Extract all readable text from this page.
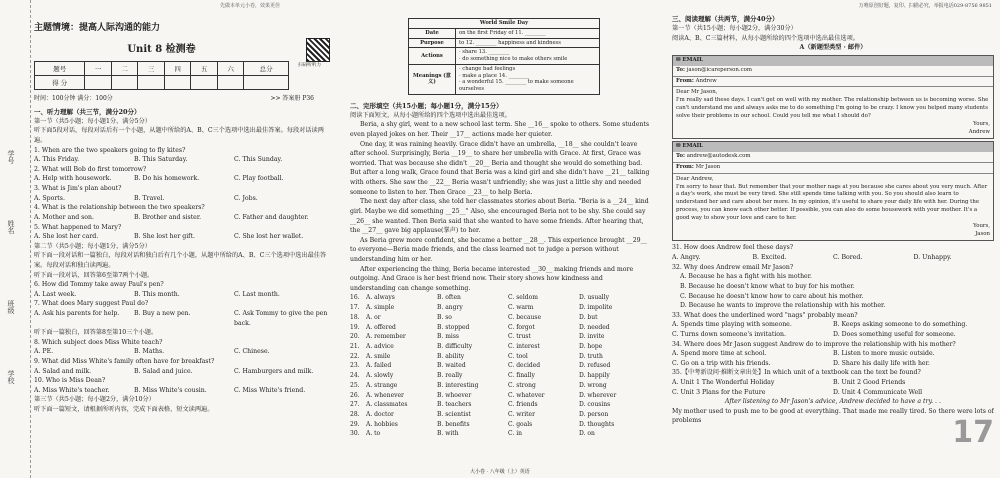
学号
姓名
班级
学校
先做本单元小卷，效果更佳	万唯原创好题，复印、扫描必究，举报电话029-8756 9851
主题情境：提高人际沟通的能力
Unit 8 检测卷
扫码听听力
题号	一	二	三	四	五	六	总分
得 分							
时间：100分钟 满分：100分	>> 答案册 P36
一、听力理解（共三节，满分20分）
第一节（共5小题；每小题1分，满分5分）
听下面5段对话，每段对话后有一个小题，从题中所给的A、B、C三个选项中选出最佳答案。每段对话读两遍。
1. When are the two speakers going to fly kites?
A. This Friday.	B. This Saturday.	C. This Sunday.
2. What will Bob do first tomorrow?
A. Help with housework.	B. Do his homework.	C. Play football.
3. What is Jim's plan about?
A. Sports.	B. Travel.	C. Jobs.
4. What is the relationship between the two speakers?
A. Mother and son.	B. Brother and sister.	C. Father and daughter.
5. What happened to Mary?
A. She lost her card.	B. She lost her gift.	C. She lost her wallet.
第二节（共5小题；每小题1分，满分5分）
听下面一段对话和一篇独白，每段对话和独白后有几个小题，从题中所给的A、B、C三个选项中选出最佳答案。每段对话和独白读两遍。
听下面一段对话，回答第6至第7两个小题。
6. How did Tommy take away Paul's pen?
A. Last week.	B. This month.	C. Last month.
7. What does Mary suggest Paul do?
A. Ask his parents for help.	B. Buy a new pen.	C. Ask Tommy to give the pen back.
听下面一篇独白，回答第8至第10三个小题。
8. Which subject does Miss White teach?
A. PE.	B. Maths.	C. Chinese.
9. What did Miss White's family often have for breakfast?
A. Salad and milk.	B. Salad and juice.	C. Hamburgers and milk.
10. Who is Miss Dean?
A. Miss White's teacher.	B. Miss White's cousin.	C. Miss White's friend.
第三节（共5小题；每小题2分，满分10分）
听下面一篇短文，请根据所听内容，完成下面表格，短文读两遍。
World Smile Day	
Date	on the first Friday of 11. ________

Purpose	to 12. ________ happiness and kindness

Actions	· share 13. ________
· do something nice to make others smile

Meanings (意义)	· change bad feelings
· make a place 14. ________
· a wonderful 15. ________ to make someone ourselves
二、完形填空（共15小题；每小题1分，满分15分）
阅读下面短文，从每小题所给的四个选项中选出最佳选项。
Beria, a shy girl, went to a new school last term. She __16__ spoke to others. Some students even played jokes on her. Their __17__ actions made her quieter.
One day, it was raining heavily. Grace didn't have an umbrella, __18__ she couldn't leave after school. Surprisingly, Beria __19__ to share her umbrella with Grace. At first, Grace was worried. That was because she didn't __20__ Beria and thought she would do something bad. But after a long walk, Grace found that Beria was a kind girl and she didn't have __21__ talking with others. She saw the __22__ Beria wasn't unfriendly; she was just a little shy and needed someone to listen to her. Then Grace __23__ to help Beria.
The next day after class, she told her classmates stories about Beria. "Beria is a __24__ kind girl. Maybe we did something __25__" Also, she encouraged Beria not to be shy. She could say __26__ she wanted. Then Beria said that she wanted to have some friends. After hearing that, the __27__ gave big applause(掌声) to her.
As Beria grew more confident, she became a better __28__. This experience brought __29__ to everyone—Beria made friends, and the class learned not to judge a person without understanding him or her.
After experiencing the thing, Beria became interested __30__ making friends and more outgoing. And Grace is her best friend now. Their story shows how kindness and understanding can change something.
16.	A. always	B. often	C. seldom	D. usually
17.	A. simple	B. angry	C. warm	D. impolite
18.	A. or	B. so	C. because	D. but
19.	A. offered	B. stopped	C. forgot	D. needed
20.	A. remember	B. miss	C. trust	D. invite
21.	A. advice	B. difficulty	C. interest	D. hope
22.	A. smile	B. ability	C. tool	D. truth
23.	A. failed	B. waited	C. decided	D. refused
24.	A. slowly	B. really	C. finally	D. happily
25.	A. strange	B. interesting	C. strong	D. wrong
26.	A. whenever	B. whoever	C. whatever	D. wherever
27.	A. classmates	B. teachers	C. friends	D. cousins
28.	A. doctor	B. scientist	C. writer	D. person
29.	A. hobbies	B. benefits	C. goals	D. thoughts
30.	A. to	B. with	C. in	D. on
大小卷 · 八年级（上）英语
三、阅读理解（共两节，满分40分）
第一节（共15小题；每小题2分，满分30分）
阅读A、B、C三篇材料，从每小题所给的四个选项中选出最佳选项。
A（新题型类型 · 邮件）
✉ EMAIL
To: jason@icareperson.com
From: Andrew
Dear Mr Jason,
I'm really sad these days. I can't get on well with my mother. The relationship between us is becoming worse. She can't understand me and always asks me to do something I'm going to be crazy. I know you helped many students solve their problems in our school. Could you tell me what I should do?
Yours,
Andrew
✉ EMAIL
To: andrew@autodesk.com
From: Mr Jason
Dear Andrew,
I'm sorry to hear that. But remember that your mother nags at you because she cares about you very much. After a day's work, she must be very tired. She still spends time talking with you. So you should also learn to understand her and care about her more. In my opinion, it's useful to share your daily life with her. During the process, you can know each other better. If possible, you can also do some housework with your mother. It's a good way to show your love and care to her.
Yours,
Jason
31. How does Andrew feel these days?
A. Angry.	B. Excited.	C. Bored.	D. Unhappy.
32. Why does Andrew email Mr Jason?
A. Because he has a fight with his mother.
B. Because he doesn't know what to buy for his mother.
C. Because he doesn't know how to care about his mother.
D. Because he wants to improve the relationship with his mother.
33. What does the underlined word "nags" probably mean?
A. Spends time playing with someone.	B. Keeps asking someone to do something.
C. Turns down someone's invitation.	D. Does something useful for someone.
34. Where does Mr Jason suggest Andrew do to improve the relationship with his mother?
A. Spend more time at school.	B. Listen to more music outside.
C. Go on a trip with his friends.	D. Share his daily life with her.
35.【中考新设问·推断文章出处】In which unit of a textbook can the text be found?
A. Unit 1 The Wonderful Holiday	B. Unit 2 Good Friends
C. Unit 3 Plans for the Future	D. Unit 4 Communicate Well
After listening to Mr Jason's advice, Andrew decided to have a try. . .
My mother used to push me to be good at everything. That made me really tired. So there were lots of problems	17
